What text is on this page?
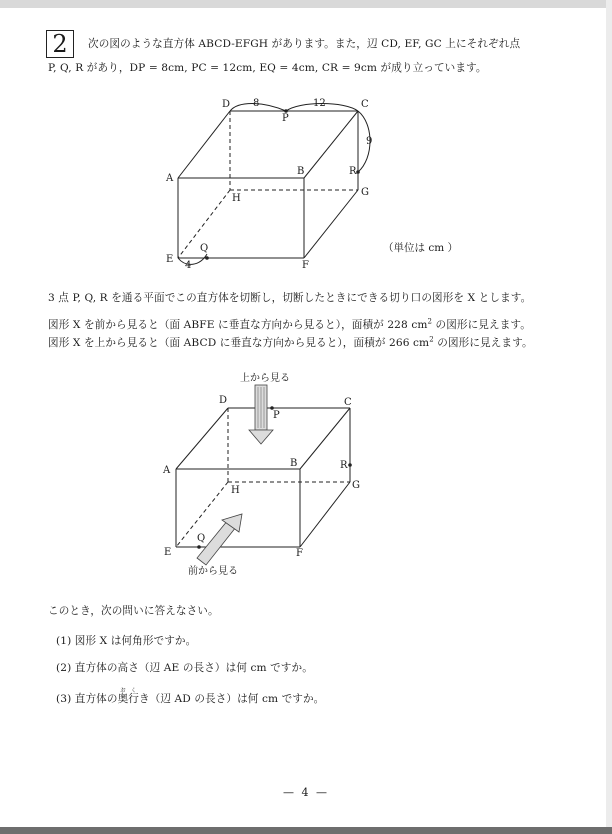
2	次の図のような直方体 ABCD-EFGH があります。また，辺 CD, EF, GC 上にそれぞれ点
P, Q, R があり，DP = 8cm, PC = 12cm, EQ = 4cm, CR = 9cm が成り立っています。
D	C
A
B
H
G
E
F
P
R
Q
8	12
9
4
（単位は cm ）
3 点 P, Q, R を通る平面でこの直方体を切断し，切断したときにできる切り口の図形を X とします。
図形 X を前から見ると（面 ABFE に垂直な方向から見ると），面積が 228 $cm^2$ の図形に見えます。
図形 X を上から見ると（面 ABCD に垂直な方向から見ると），面積が 266 $cm^2$ の図形に見えます。
D	C
A
B
H	G
E	F
P
R
Q
上から見る
前から見る
このとき，次の問いに答えなさい。
(1) 図形 X は何角形ですか。
(2) 直方体の高さ（辺 AE の長さ）は何 cm ですか。
(3) 直方体の奥行おくき（辺 AD の長さ）は何 cm ですか。
— 4 —
